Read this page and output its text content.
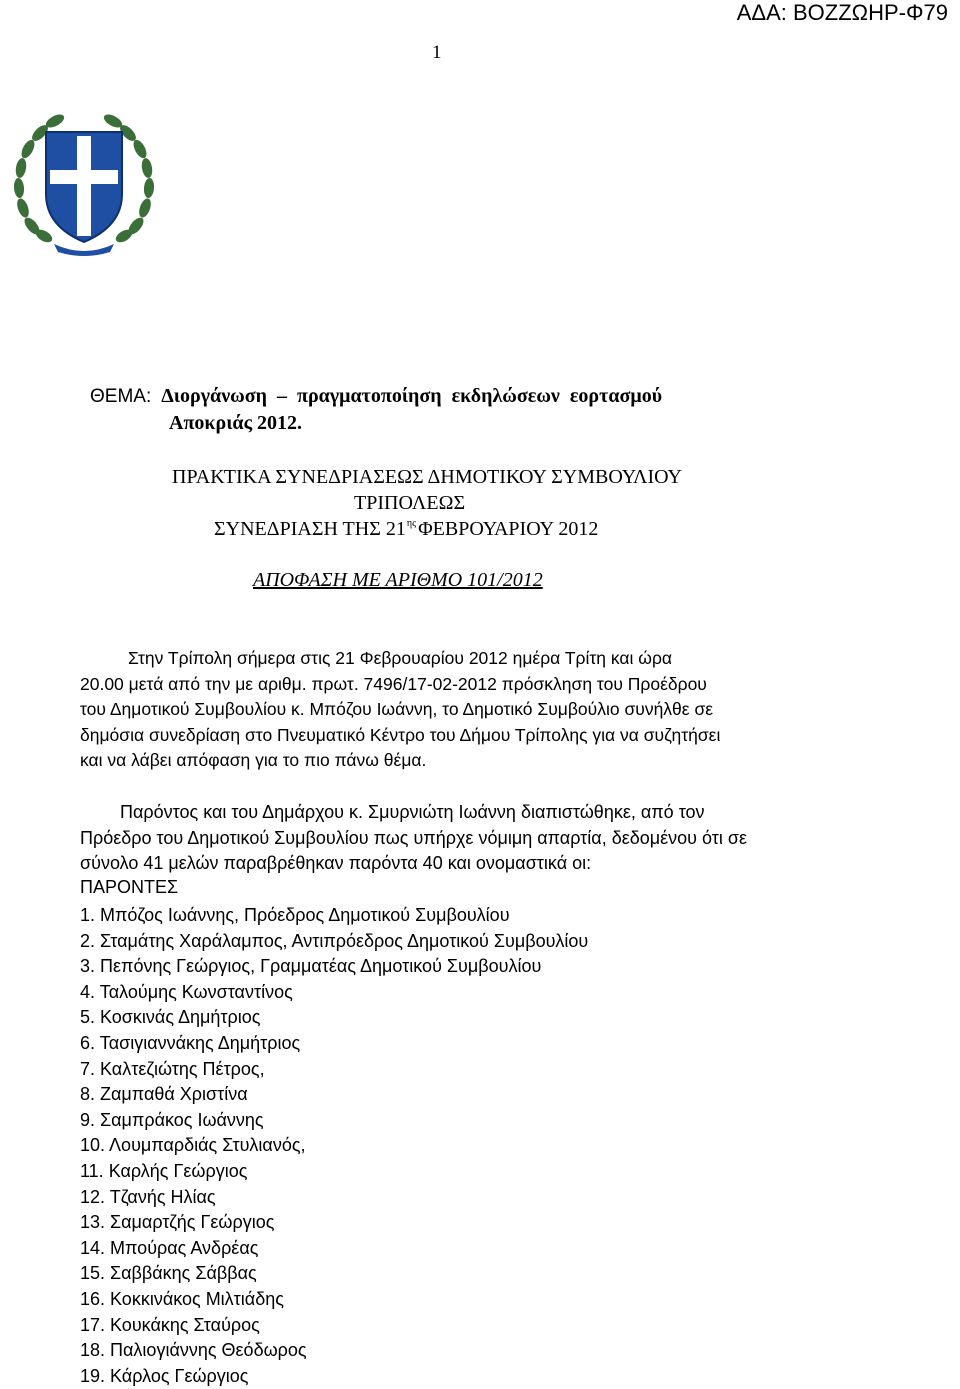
ΑΔΑ: ΒΟΖΖΩΗΡ-Φ79
1
ΘΕΜΑ: Διοργάνωση – πραγματοποίηση εκδηλώσεων εορτασμού
Αποκριάς 2012.
ΠΡΑΚΤΙΚΑ ΣΥΝΕΔΡΙΑΣΕΩΣ ΔΗΜΟΤΙΚΟΥ ΣΥΜΒΟΥΛΙΟΥ
ΤΡΙΠΟΛΕΩΣ
ΣΥΝΕΔΡΙΑΣΗ ΤΗΣ $21^{\eta\varsigma}$ ΦΕΒΡΟΥΑΡΙΟΥ 2012
ΑΠΟΦΑΣΗ ΜΕ ΑΡΙΘΜΟ 101/2012
Στην Τρίπολη σήμερα στις 21 Φεβρουαρίου 2012 ημέρα Τρίτη και ώρα
20.00 μετά από την με αριθμ. πρωτ. 7496/17-02-2012 πρόσκληση του Προέδρου
του Δημοτικού Συμβουλίου κ. Μπόζου Ιωάννη, το Δημοτικό Συμβούλιο συνήλθε σε
δημόσια συνεδρίαση στο Πνευματικό Κέντρο του Δήμου Τρίπολης για να συζητήσει
και να λάβει απόφαση για το πιο πάνω θέμα.
Παρόντος και του Δημάρχου κ. Σμυρνιώτη Ιωάννη διαπιστώθηκε, από τον
Πρόεδρο του Δημοτικού Συμβουλίου πως υπήρχε νόμιμη απαρτία, δεδομένου ότι σε
σύνολο 41 μελών παραβρέθηκαν παρόντα 40 και ονομαστικά οι:
ΠΑΡΟΝΤΕΣ
1. Μπόζος Ιωάννης, Πρόεδρος Δημοτικού Συμβουλίου
2. Σταμάτης Χαράλαμπος, Αντιπρόεδρος Δημοτικού Συμβουλίου
3. Πεπόνης Γεώργιος, Γραμματέας Δημοτικού Συμβουλίου
4. Ταλούμης Κωνσταντίνος
5. Κοσκινάς Δημήτριος
6. Τασιγιαννάκης Δημήτριος
7. Καλτεζιώτης Πέτρος,
8. Ζαμπαθά Χριστίνα
9. Σαμπράκος Ιωάννης
10. Λουμπαρδιάς Στυλιανός,
11. Καρλής Γεώργιος
12. Τζανής Ηλίας
13. Σαμαρτζής Γεώργιος
14. Μπούρας Ανδρέας
15. Σαββάκης Σάββας
16. Κοκκινάκος Μιλτιάδης
17. Κουκάκης Σταύρος
18. Παλιογιάννης Θεόδωρος
19. Κάρλος Γεώργιος
